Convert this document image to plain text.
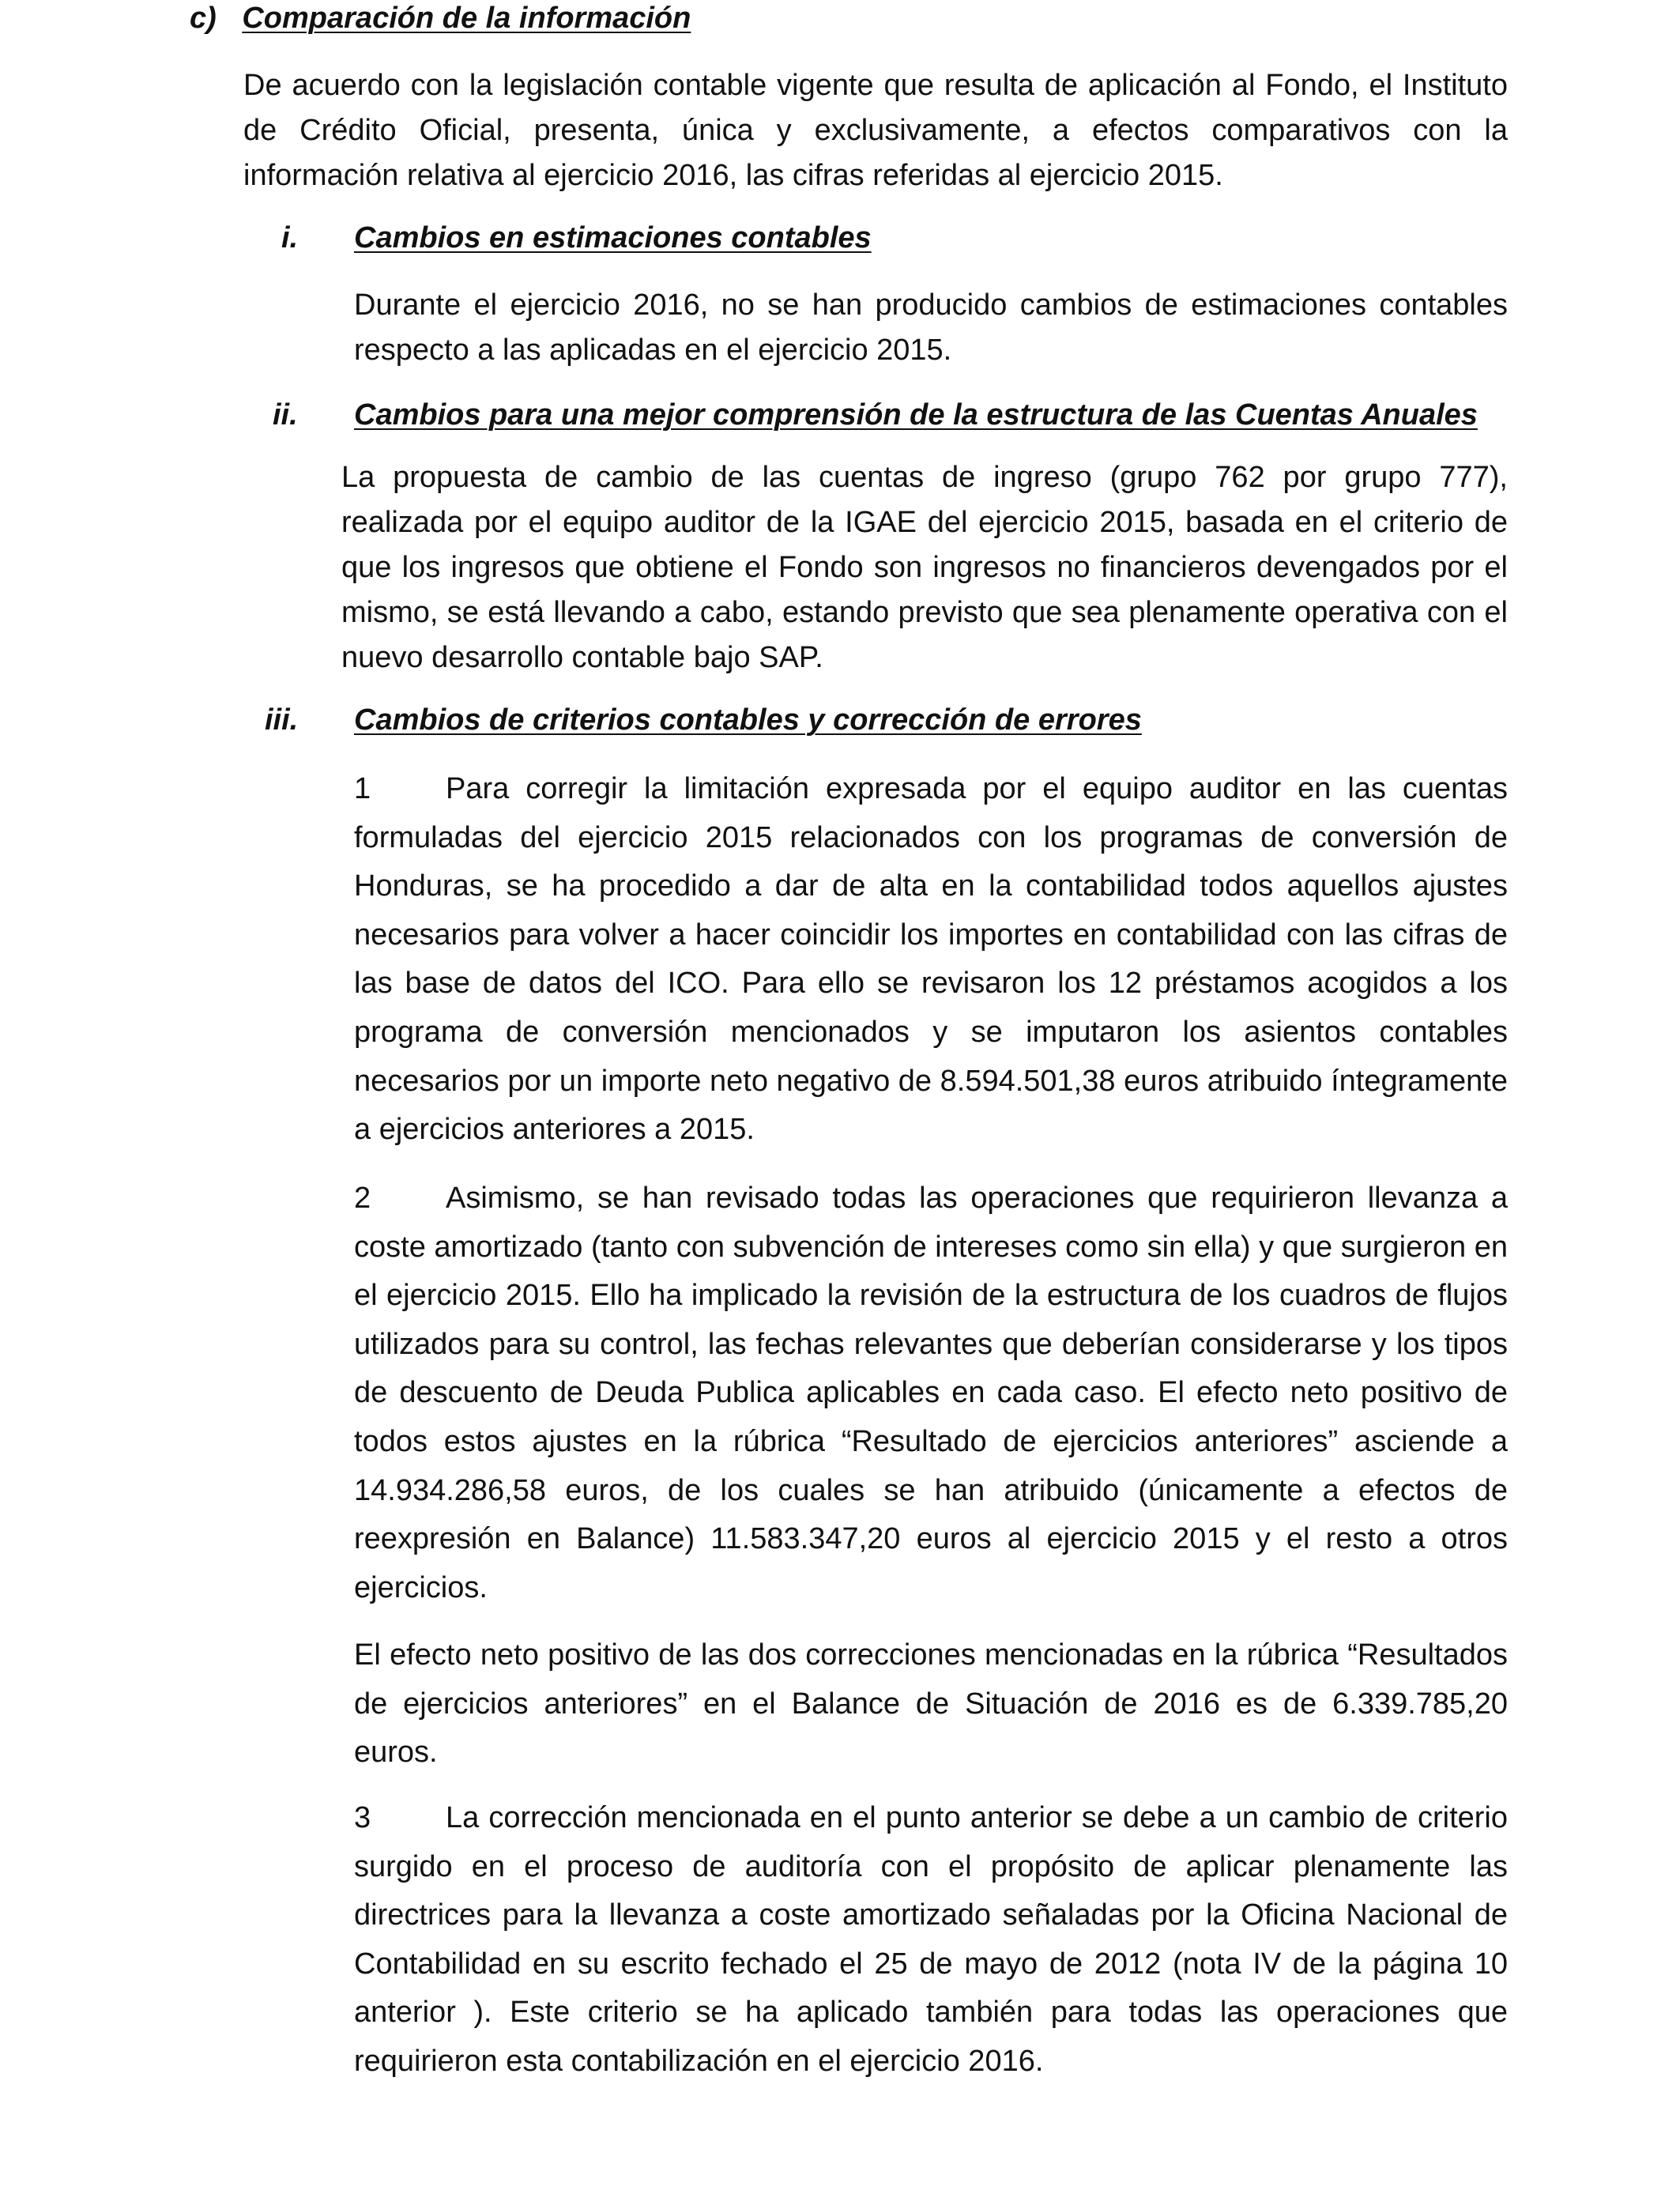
c) Comparación de la información

De acuerdo con la legislación contable vigente que resulta de aplicación al Fondo, el Instituto de Crédito Oficial, presenta, única y exclusivamente, a efectos comparativos con la información relativa al ejercicio 2016, las cifras referidas al ejercicio 2015.

i. Cambios en estimaciones contables

Durante el ejercicio 2016, no se han producido cambios de estimaciones contables respecto a las aplicadas en el ejercicio 2015.

ii. Cambios para una mejor comprensión de la estructura de las Cuentas Anuales

La propuesta de cambio de las cuentas de ingreso (grupo 762 por grupo 777), realizada por el equipo auditor de la IGAE del ejercicio 2015, basada en el criterio de que los ingresos que obtiene el Fondo son ingresos no financieros devengados por el mismo, se está llevando a cabo, estando previsto que sea plenamente operativa con el nuevo desarrollo contable bajo SAP.

iii. Cambios de criterios contables y corrección de errores

1 Para corregir la limitación expresada por el equipo auditor en las cuentas formuladas del ejercicio 2015 relacionados con los programas de conversión de Honduras, se ha procedido a dar de alta en la contabilidad todos aquellos ajustes necesarios para volver a hacer coincidir los importes en contabilidad con las cifras de las base de datos del ICO. Para ello se revisaron los 12 préstamos acogidos a los programa de conversión mencionados y se imputaron los asientos contables necesarios por un importe neto negativo de 8.594.501,38 euros atribuido íntegramente a ejercicios anteriores a 2015.

2 Asimismo, se han revisado todas las operaciones que requirieron llevanza a coste amortizado (tanto con subvención de intereses como sin ella) y que surgieron en el ejercicio 2015. Ello ha implicado la revisión de la estructura de los cuadros de flujos utilizados para su control, las fechas relevantes que deberían considerarse y los tipos de descuento de Deuda Publica aplicables en cada caso. El efecto neto positivo de todos estos ajustes en la rúbrica “Resultado de ejercicios anteriores” asciende a 14.934.286,58 euros, de los cuales se han atribuido (únicamente a efectos de reexpresión en Balance) 11.583.347,20 euros al ejercicio 2015 y el resto a otros ejercicios.

El efecto neto positivo de las dos correcciones mencionadas en la rúbrica “Resultados de ejercicios anteriores” en el Balance de Situación de 2016 es de 6.339.785,20 euros.

3 La corrección mencionada en el punto anterior se debe a un cambio de criterio surgido en el proceso de auditoría con el propósito de aplicar plenamente las directrices para la llevanza a coste amortizado señaladas por la Oficina Nacional de Contabilidad en su escrito fechado el 25 de mayo de 2012 (nota IV de la página 10 anterior ). Este criterio se ha aplicado también para todas las operaciones que requirieron esta contabilización en el ejercicio 2016.
